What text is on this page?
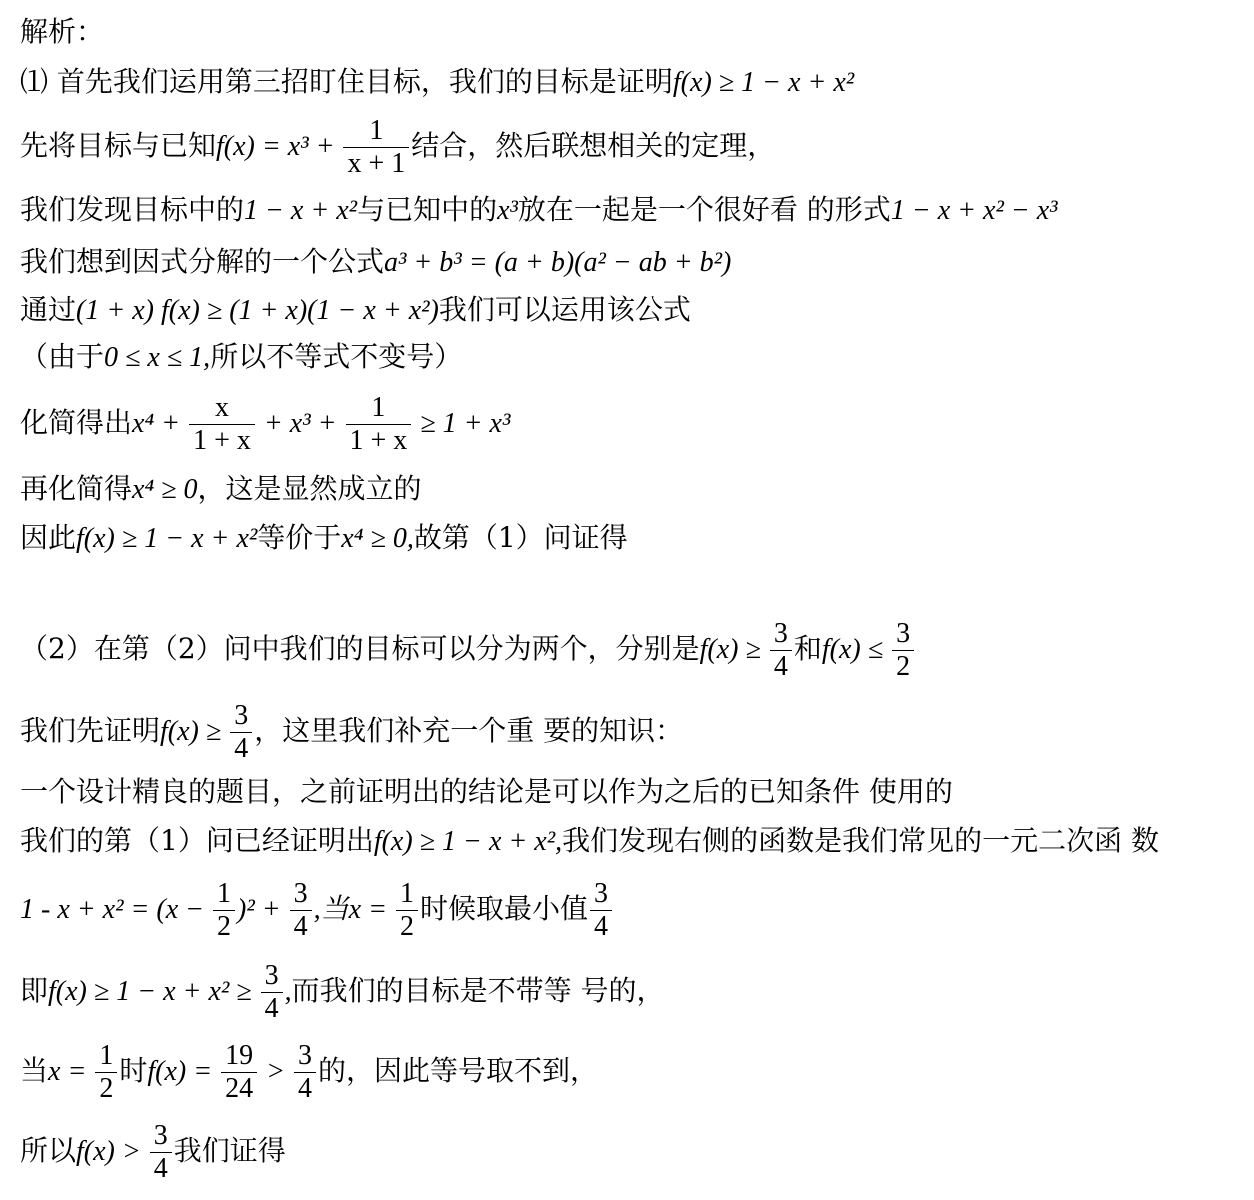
解析：
⑴ 首先我们运用第三招盯住目标，我们的目标是证明f(x) ≥ 1 − x + x²
先将目标与已知$f(x) = x^3 + \frac{1}{x + 1}$ 结合，然后联想相关的定理，
我们发现目标中的1 − x + x²与已知中的x³放在一起是一个很好看 的形式1 − x + x² − x³
我们想到因式分解的一个公式a³ + b³ = (a + b)(a² − ab + b²)
通过(1 + x) f(x) ≥ (1 + x)(1 − x + x²)我们可以运用该公式
（由于0 ≤ x ≤ 1,所以不等式不变号）
化简得出$x^4 + \frac{x}{1 + x} + x^3 + \frac{1}{1 + x} \ge 1 + x^3$
再化简得x⁴ ≥ 0，这是显然成立的
因此f(x) ≥ 1 − x + x²等价于x⁴ ≥ 0,故第（1）问证得
（2）在第（2）问中我们的目标可以分为两个，分别是$f(x) \ge \frac{3}{4}$ 和$f(x) \le \frac{3}{2}$
我们先证明$f(x) \ge \frac{3}{4}$ ，这里我们补充一个重 要的知识：
一个设计精良的题目，之前证明出的结论是可以作为之后的已知条件 使用的
我们的第（1）问已经证明出f(x) ≥ 1 − x + x²,我们发现右侧的函数是我们常见的一元二次函 数
$1 - x + x^2 = (x - \frac{1}{2} )^2 + \frac{3}{4}$ ,当$x = \frac{1}{2}$ 时候取最小值 $\frac{3}{4}$
即$f(x) \ge 1 - x + x^2 \ge \frac{3}{4}$ ,而我们的目标是不带等 号的，
当$x = \frac{1}{2}$ 时$f(x) = \frac{19}{24} > \frac{3}{4}$ 的，因此等号取不到，
所以$f(x) > \frac{3}{4}$ 我们证得
